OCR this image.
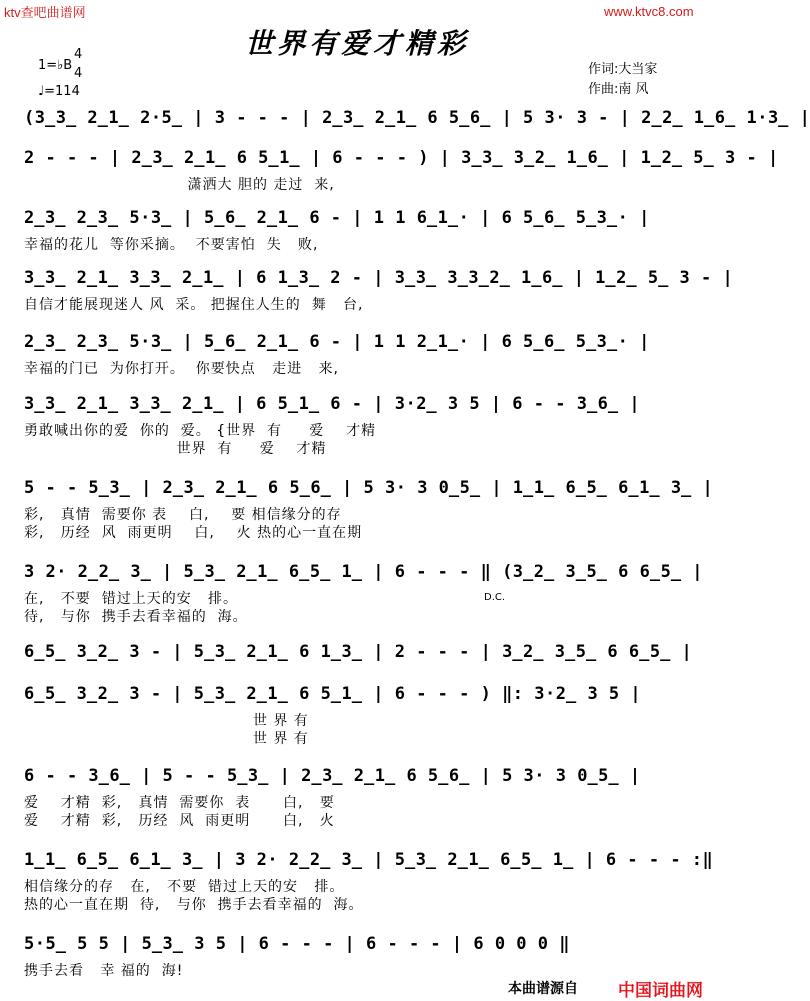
ktv查吧曲谱网	www.ktvc8.com
世界有爱才精彩
1=♭B
4
4
♩=114
作词:大当家
作曲:南 风
(3̲3̲ 2̲1̲ 2·5̲ | 3 - - - | 2̲3̲ 2̲1̲ 6 5̲6̲ | 5 3· 3 - | 2̲2̲ 1̲6̲ 1·3̲ |
2 - - - | 2̲3̲ 2̲1̲ 6 5̲1̲ | 6 - - - ) | 3̲3̲ 3̲2̲ 1̲6̲ | 1̲2̲ 5̲ 3 - |
潇洒大 胆的 走过  来,
2̲3̲ 2̲3̲ 5·3̲ | 5̲6̲ 2̲1̲ 6 - | 1 1 6̲1̲· | 6 5̲6̲ 5̲3̲· |
幸福的花儿  等你采摘。  不要害怕  失   败,
3̲3̲ 2̲1̲ 3̲3̲ 2̲1̲ | 6 1̲3̲ 2 - | 3̲3̲ 3̲3̲2̲ 1̲6̲ | 1̲2̲ 5̲ 3 - |
自信才能展现迷人 风  采。 把握住人生的  舞   台,
2̲3̲ 2̲3̲ 5·3̲ | 5̲6̲ 2̲1̲ 6 - | 1 1 2̲1̲· | 6 5̲6̲ 5̲3̲· |
幸福的门已  为你打开。  你要快点   走进   来,
3̲3̲ 2̲1̲ 3̲3̲ 2̲1̲ | 6 5̲1̲ 6 - | 3·2̲ 3 5 | 6 - - 3̲6̲ |
勇敢喊出你的爱  你的  爱。 {世界  有     爱    才精
世界  有     爱    才精
5 - - 5̲3̲ | 2̲3̲ 2̲1̲ 6 5̲6̲ | 5 3· 3 0̲5̲ | 1̲1̲ 6̲5̲ 6̲1̲ 3̲ |
彩,   真情  需要你 表    白,    要 相信缘分的存
彩,   历经  风  雨更明    白,    火 热的心一直在期
3 2· 2̲2̲ 3̲ | 5̲3̲ 2̲1̲ 6̲5̲ 1̲ | 6 - - - ‖ (3̲2̲ 3̲5̲ 6 6̲5̲ |
在,   不要  错过上天的安   排。
待,   与你  携手去看幸福的  海。
D.C.
6̲5̲ 3̲2̲ 3 - | 5̲3̲ 2̲1̲ 6 1̲3̲ | 2 - - - | 3̲2̲ 3̲5̲ 6 6̲5̲ |
6̲5̲ 3̲2̲ 3 - | 5̲3̲ 2̲1̲ 6 5̲1̲ | 6 - - - ) ‖: 3·2̲ 3 5 |
世 界 有
世 界 有
6 - - 3̲6̲ | 5 - - 5̲3̲ | 2̲3̲ 2̲1̲ 6 5̲6̲ | 5 3· 3 0̲5̲ |
爱    才精  彩,   真情  需要你  表      白,   要
爱    才精  彩,   历经  风  雨更明      白,   火
1̲1̲ 6̲5̲ 6̲1̲ 3̲ | 3 2· 2̲2̲ 3̲ | 5̲3̲ 2̲1̲ 6̲5̲ 1̲ | 6 - - - :‖
相信缘分的存   在,   不要  错过上天的安   排。
热的心一直在期  待,   与你  携手去看幸福的  海。
5·5̲ 5 5 | 5̲3̲ 3 5 | 6 - - - | 6 - - - | 6 0 0 0 ‖
携手去看   幸 福的  海!
本曲谱源自 中国词曲网
